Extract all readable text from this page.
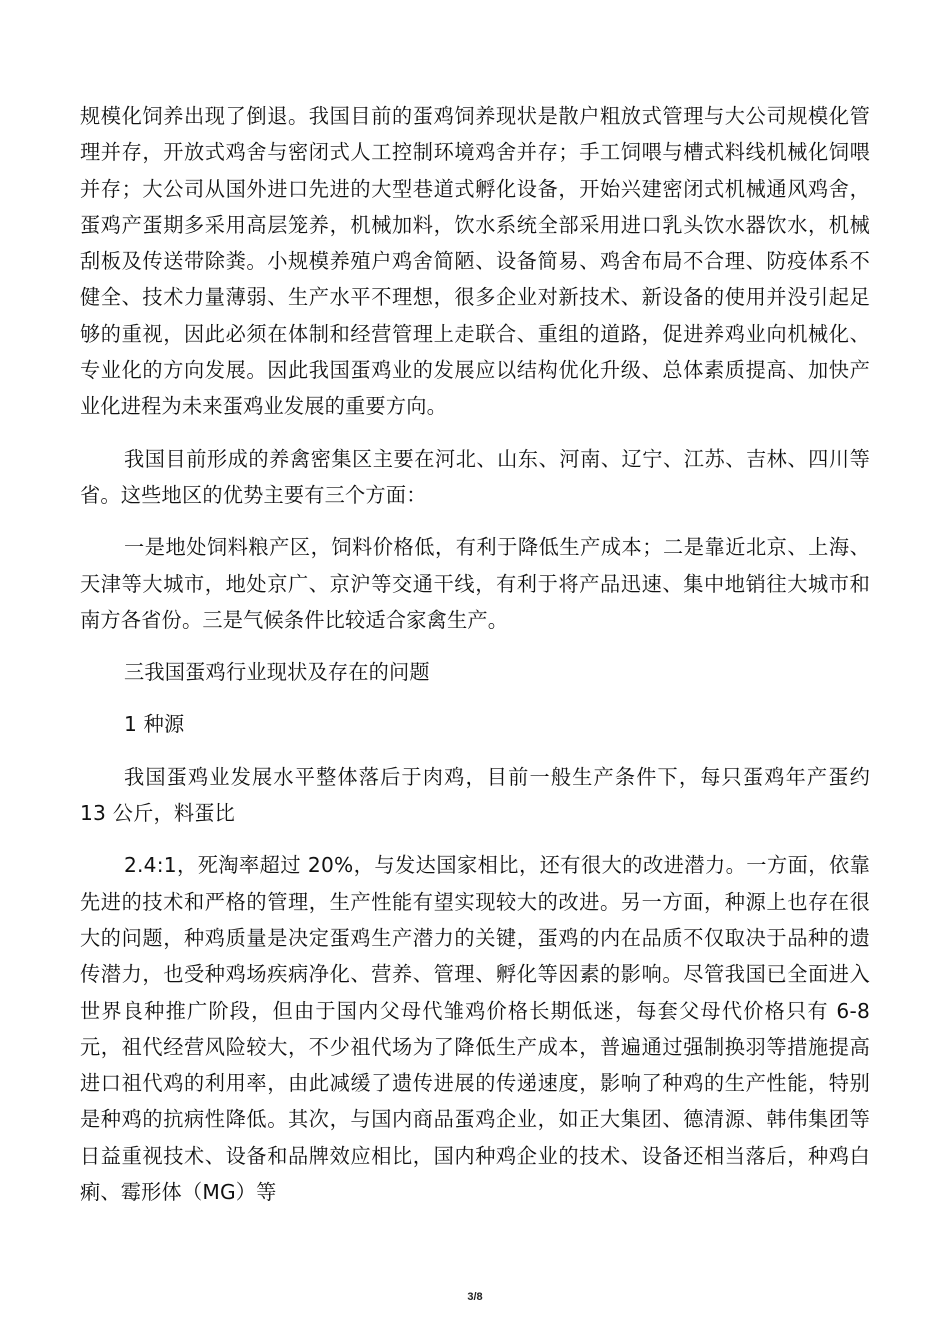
规模化饲养出现了倒退。我国目前的蛋鸡饲养现状是散户粗放式管理与大公司规模化管理并存，开放式鸡舍与密闭式人工控制环境鸡舍并存；手工饲喂与槽式料线机械化饲喂并存；大公司从国外进口先进的大型巷道式孵化设备，开始兴建密闭式机械通风鸡舍，蛋鸡产蛋期多采用高层笼养，机械加料，饮水系统全部采用进口乳头饮水器饮水，机械刮板及传送带除粪。小规模养殖户鸡舍简陋、设备简易、鸡舍布局不合理、防疫体系不健全、技术力量薄弱、生产水平不理想，很多企业对新技术、新设备的使用并没引起足够的重视，因此必须在体制和经营管理上走联合、重组的道路，促进养鸡业向机械化、专业化的方向发展。因此我国蛋鸡业的发展应以结构优化升级、总体素质提高、加快产业化进程为未来蛋鸡业发展的重要方向。

我国目前形成的养禽密集区主要在河北、山东、河南、辽宁、江苏、吉林、四川等省。这些地区的优势主要有三个方面：

一是地处饲料粮产区，饲料价格低，有利于降低生产成本；二是靠近北京、上海、天津等大城市，地处京广、京沪等交通干线，有利于将产品迅速、集中地销往大城市和南方各省份。三是气候条件比较适合家禽生产。

三我国蛋鸡行业现状及存在的问题

1 种源

我国蛋鸡业发展水平整体落后于肉鸡，目前一般生产条件下，每只蛋鸡年产蛋约 13 公斤，料蛋比

2.4:1，死淘率超过 20%，与发达国家相比，还有很大的改进潜力。一方面，依靠先进的技术和严格的管理，生产性能有望实现较大的改进。另一方面，种源上也存在很大的问题，种鸡质量是决定蛋鸡生产潜力的关键，蛋鸡的内在品质不仅取决于品种的遗传潜力，也受种鸡场疾病净化、营养、管理、孵化等因素的影响。尽管我国已全面进入世界良种推广阶段，但由于国内父母代雏鸡价格长期低迷，每套父母代价格只有 6-8 元，祖代经营风险较大，不少祖代场为了降低生产成本，普遍通过强制换羽等措施提高进口祖代鸡的利用率，由此减缓了遗传进展的传递速度，影响了种鸡的生产性能，特别是种鸡的抗病性降低。其次，与国内商品蛋鸡企业，如正大集团、德清源、韩伟集团等日益重视技术、设备和品牌效应相比，国内种鸡企业的技术、设备还相当落后，种鸡白痢、霉形体（MG）等

3/8
